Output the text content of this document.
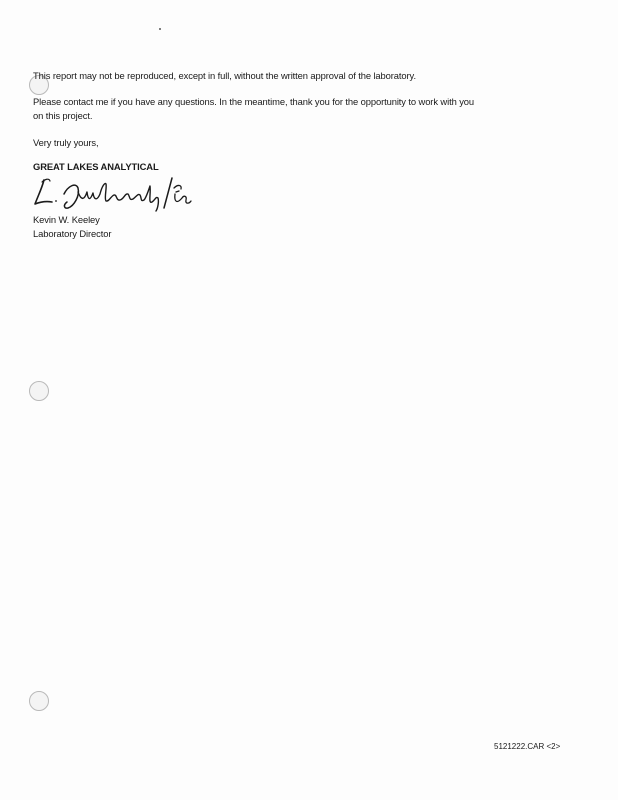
This report may not be reproduced, except in full, without the written approval of the laboratory.
Please contact me if you have any questions. In the meantime, thank you for the opportunity to work with you
on this project.
Very truly yours,
GREAT LAKES ANALYTICAL
Kevin W. Keeley
Laboratory Director
5121222.CAR <2>
